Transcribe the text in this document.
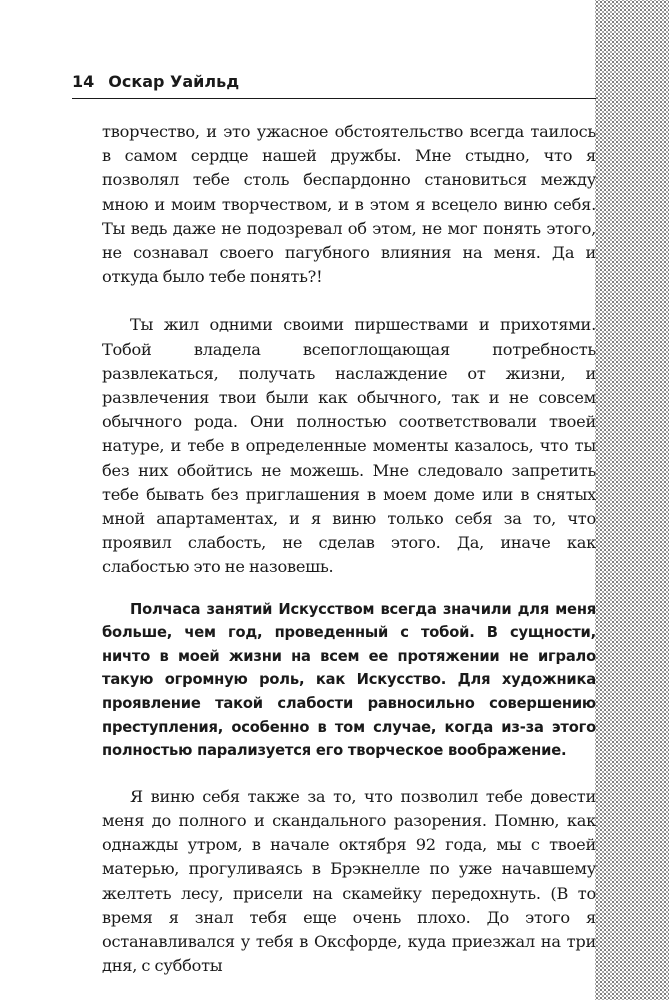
14 Оскар Уайльд

творчество, и это ужасное обстоятельство всегда таилось в самом сердце нашей дружбы. Мне стыдно, что я позволял тебе столь беспардонно становиться между мною и моим творчеством, и в этом я всецело виню себя. Ты ведь даже не подозревал об этом, не мог понять этого, не сознавал своего пагубного влияния на меня. Да и откуда было тебе понять?!

Ты жил одними своими пиршествами и прихотями. Тобой владела всепоглощающая потребность развлекаться, получать наслаждение от жизни, и развлечения твои были как обычного, так и не совсем обычного рода. Они полностью соответствовали твоей натуре, и тебе в определенные моменты казалось, что ты без них обойтись не можешь. Мне следовало запретить тебе бывать без приглашения в моем доме или в снятых мной апартаментах, и я виню только себя за то, что проявил слабость, не сделав этого. Да, иначе как слабостью это не назовешь.

Полчаса занятий Искусством всегда значили для меня больше, чем год, проведенный с тобой. В сущности, ничто в моей жизни на всем ее протяжении не играло такую огромную роль, как Искусство. Для художника проявление такой слабости равносильно совершению преступления, особенно в том случае, когда из-за этого полностью парализуется его творческое воображение.

Я виню себя также за то, что позволил тебе довести меня до полного и скандального разорения. Помню, как однажды утром, в начале октября 92 года, мы с твоей матерью, прогуливаясь в Брэкнелле по уже начавшему желтеть лесу, присели на скамейку передохнуть. (В то время я знал тебя еще очень плохо. До этого я останавливался у тебя в Оксфорде, куда приезжал на три дня, с субботы
